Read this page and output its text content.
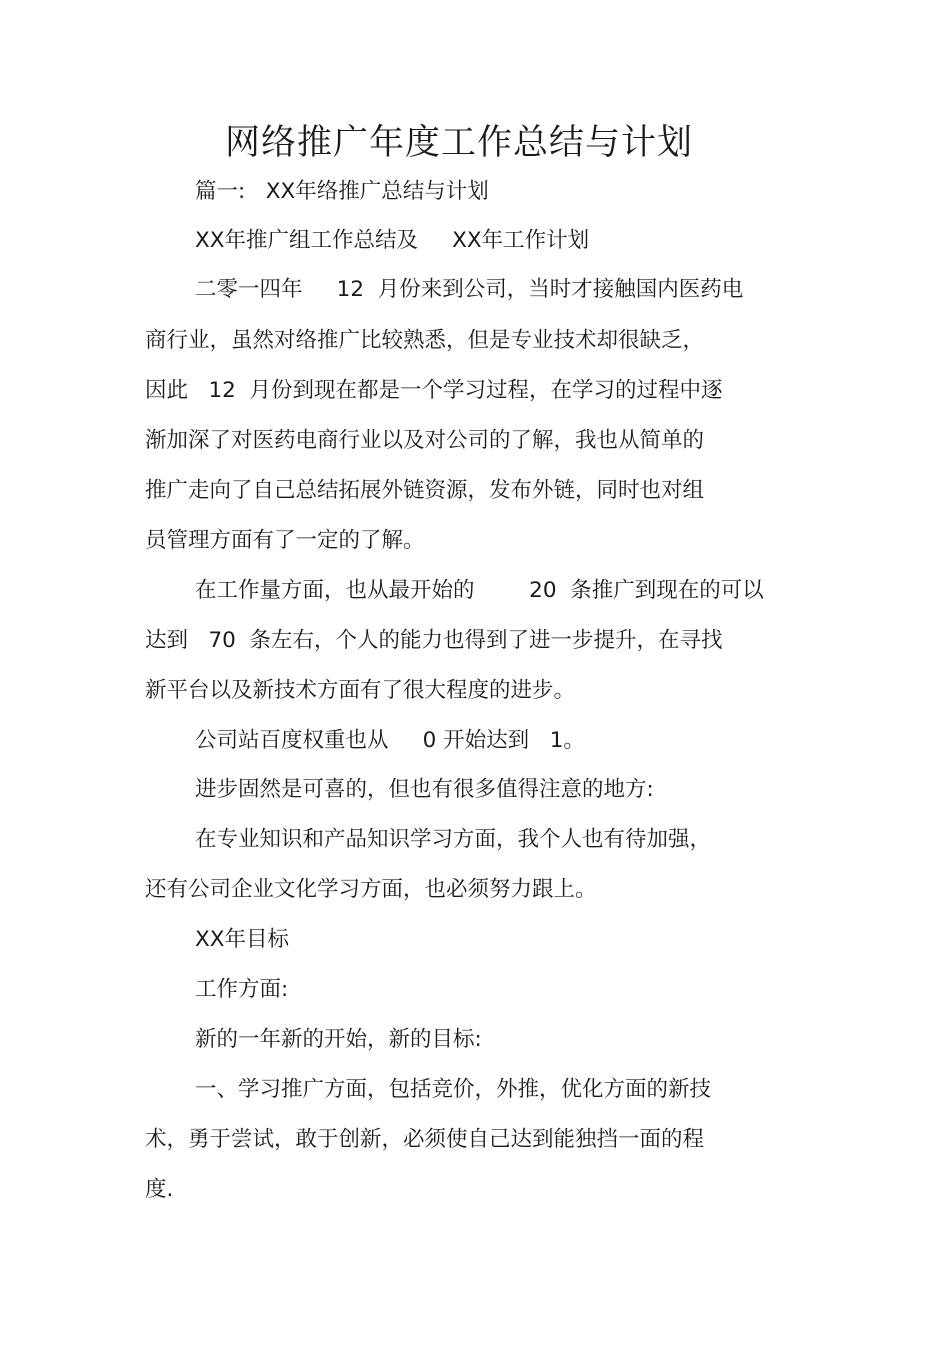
网络推广年度工作总结与计划

篇一:   XX年络推广总结与计划

XX年推广组工作总结及     XX年工作计划

二零一四年     12  月份来到公司，当时才接触国内医药电

商行业，虽然对络推广比较熟悉，但是专业技术却很缺乏，

因此   12  月份到现在都是一个学习过程，在学习的过程中逐

渐加深了对医药电商行业以及对公司的了解，我也从简单的

推广走向了自己总结拓展外链资源，发布外链，同时也对组

员管理方面有了一定的了解。

在工作量方面，也从最开始的        20  条推广到现在的可以

达到   70  条左右，个人的能力也得到了进一步提升，在寻找

新平台以及新技术方面有了很大程度的进步。

公司站百度权重也从     0 开始达到   1。

进步固然是可喜的，但也有很多值得注意的地方:

在专业知识和产品知识学习方面，我个人也有待加强，

还有公司企业文化学习方面，也必须努力跟上。

XX年目标

工作方面:

新的一年新的开始，新的目标:

一、学习推广方面，包括竞价，外推，优化方面的新技

术，勇于尝试，敢于创新，必须使自己达到能独挡一面的程

度.
